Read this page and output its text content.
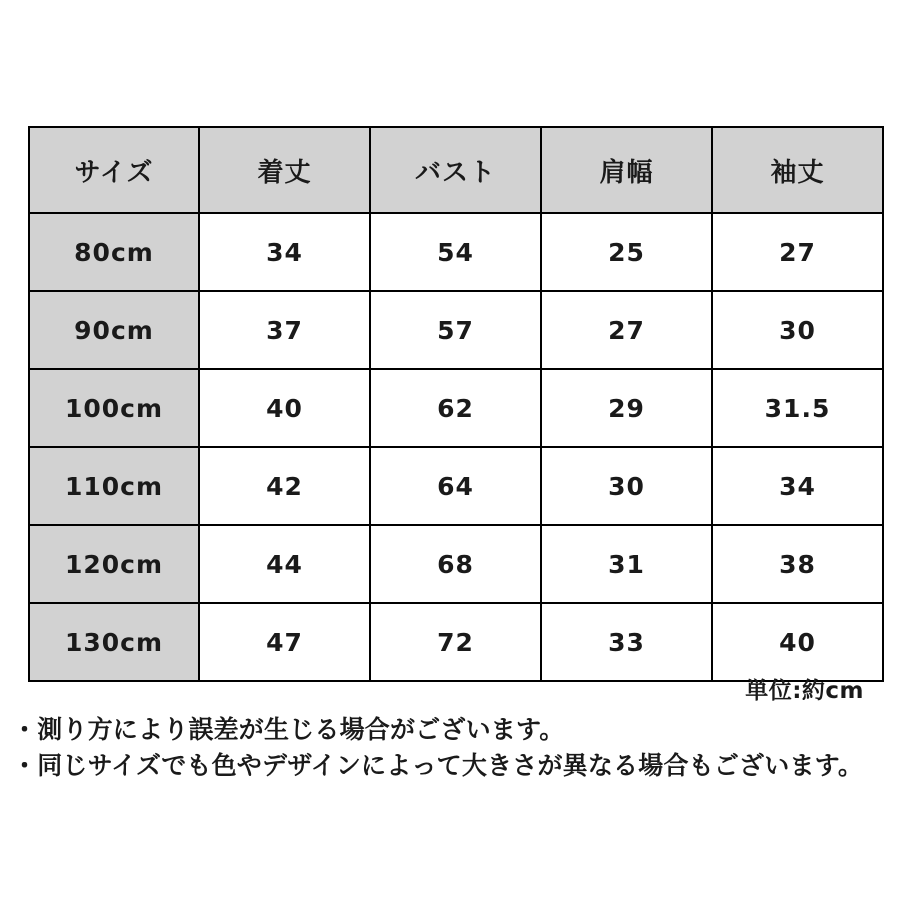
サイズ	着丈	バスト	肩幅	袖丈
80cm	34	54	25	27
90cm	37	57	27	30
100cm	40	62	29	31.5
110cm	42	64	30	34
120cm	44	68	31	38
130cm	47	72	33	40
単位:約cm
・測り方により誤差が生じる場合がございます。
・同じサイズでも色やデザインによって大きさが異なる場合もございます。
